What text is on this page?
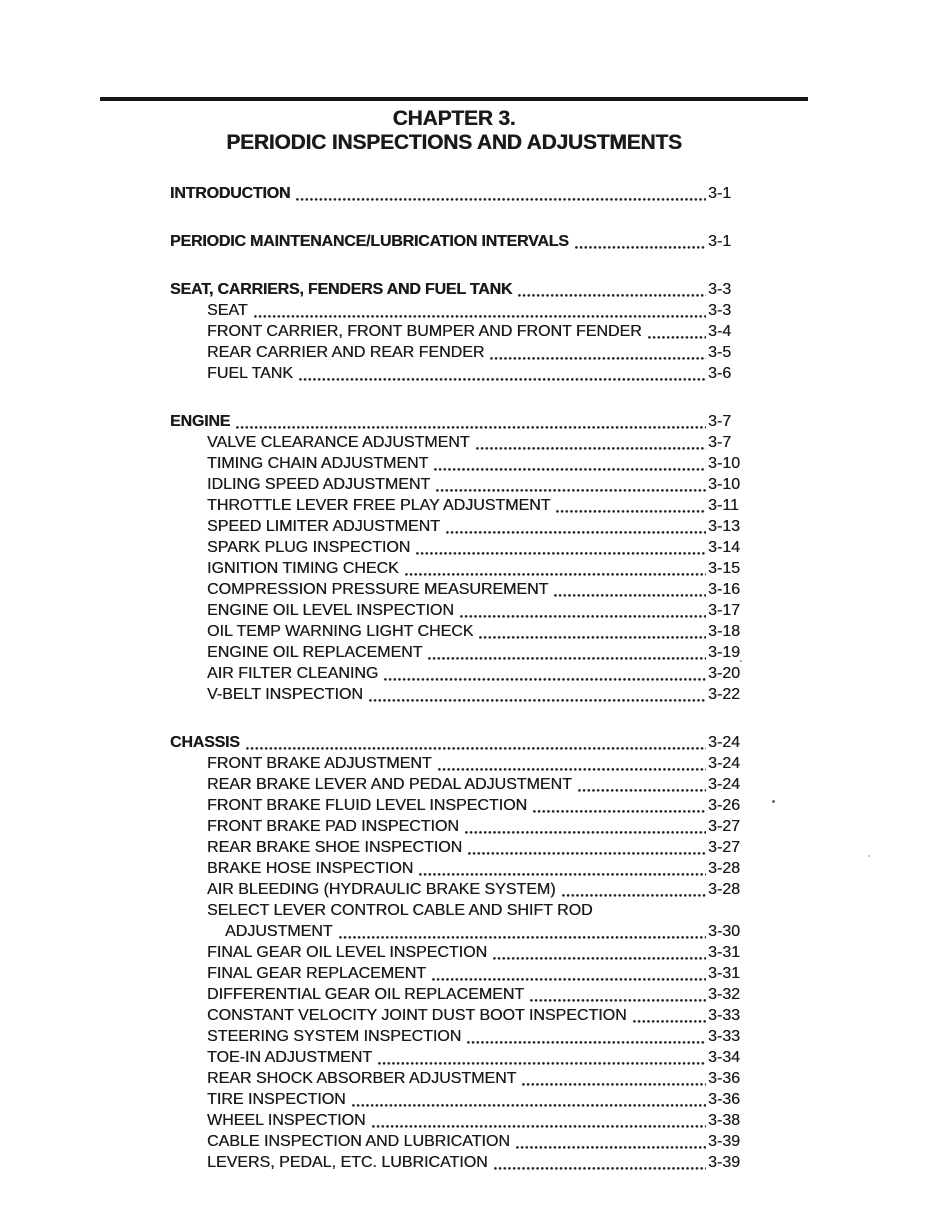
CHAPTER 3.
PERIODIC INSPECTIONS AND ADJUSTMENTS
INTRODUCTION	3-1
PERIODIC MAINTENANCE/LUBRICATION INTERVALS	3-1
SEAT, CARRIERS, FENDERS AND FUEL TANK	3-3
SEAT	3-3
FRONT CARRIER, FRONT BUMPER AND FRONT FENDER	3-4
REAR CARRIER AND REAR FENDER	3-5
FUEL TANK	3-6
ENGINE	3-7
VALVE CLEARANCE ADJUSTMENT	3-7
TIMING CHAIN ADJUSTMENT	3-10
IDLING SPEED ADJUSTMENT	3-10
THROTTLE LEVER FREE PLAY ADJUSTMENT	3-11
SPEED LIMITER ADJUSTMENT	3-13
SPARK PLUG INSPECTION	3-14
IGNITION TIMING CHECK	3-15
COMPRESSION PRESSURE MEASUREMENT	3-16
ENGINE OIL LEVEL INSPECTION	3-17
OIL TEMP WARNING LIGHT CHECK	3-18
ENGINE OIL REPLACEMENT	3-19
AIR FILTER CLEANING	3-20
V-BELT INSPECTION	3-22
CHASSIS	3-24
FRONT BRAKE ADJUSTMENT	3-24
REAR BRAKE LEVER AND PEDAL ADJUSTMENT	3-24
FRONT BRAKE FLUID LEVEL INSPECTION	3-26
FRONT BRAKE PAD INSPECTION	3-27
REAR BRAKE SHOE INSPECTION	3-27
BRAKE HOSE INSPECTION	3-28
AIR BLEEDING (HYDRAULIC BRAKE SYSTEM)	3-28
SELECT LEVER CONTROL CABLE AND SHIFT ROD
ADJUSTMENT	3-30
FINAL GEAR OIL LEVEL INSPECTION	3-31
FINAL GEAR REPLACEMENT	3-31
DIFFERENTIAL GEAR OIL REPLACEMENT	3-32
CONSTANT VELOCITY JOINT DUST BOOT INSPECTION	3-33
STEERING SYSTEM INSPECTION	3-33
TOE-IN ADJUSTMENT	3-34
REAR SHOCK ABSORBER ADJUSTMENT	3-36
TIRE INSPECTION	3-36
WHEEL INSPECTION	3-38
CABLE INSPECTION AND LUBRICATION	3-39
LEVERS, PEDAL, ETC. LUBRICATION	3-39
